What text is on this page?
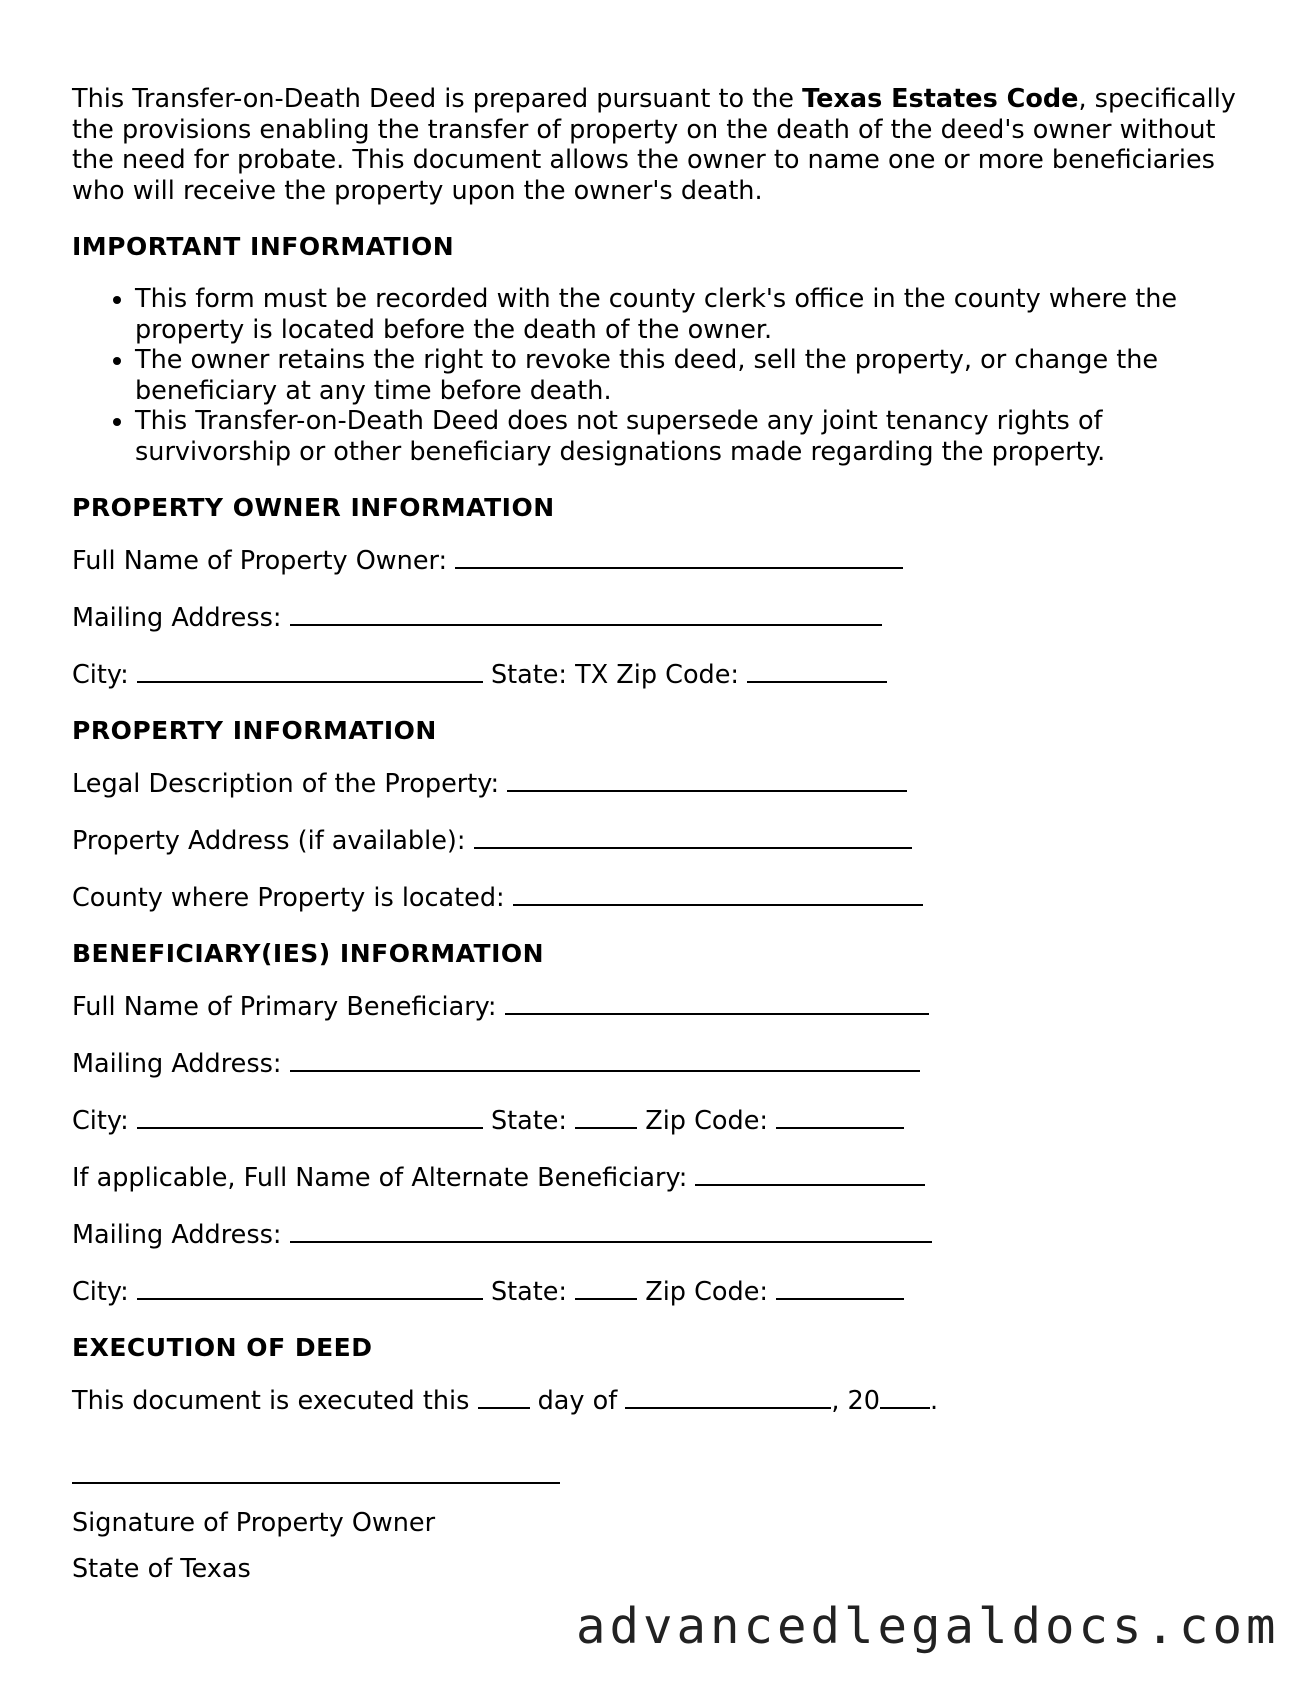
This Transfer-on-Death Deed is prepared pursuant to the Texas Estates Code, specifically the provisions enabling the transfer of property on the death of the deed's owner without the need for probate. This document allows the owner to name one or more beneficiaries who will receive the property upon the owner's death.

IMPORTANT INFORMATION
• This form must be recorded with the county clerk's office in the county where the property is located before the death of the owner.
• The owner retains the right to revoke this deed, sell the property, or change the beneficiary at any time before death.
• This Transfer-on-Death Deed does not supersede any joint tenancy rights of survivorship or other beneficiary designations made regarding the property.
PROPERTY OWNER INFORMATION
Full Name of Property Owner:
Mailing Address:
City:	State: TX Zip Code:
PROPERTY INFORMATION
Legal Description of the Property:
Property Address (if available):
County where Property is located:
BENEFICIARY(IES) INFORMATION
Full Name of Primary Beneficiary:
Mailing Address:
City:	State:	Zip Code:
If applicable, Full Name of Alternate Beneficiary:
Mailing Address:
City:	State:	Zip Code:
EXECUTION OF DEED
This document is executed this	day of	, 20 .
Signature of Property Owner
State of Texas
advancedlegaldocs.com
